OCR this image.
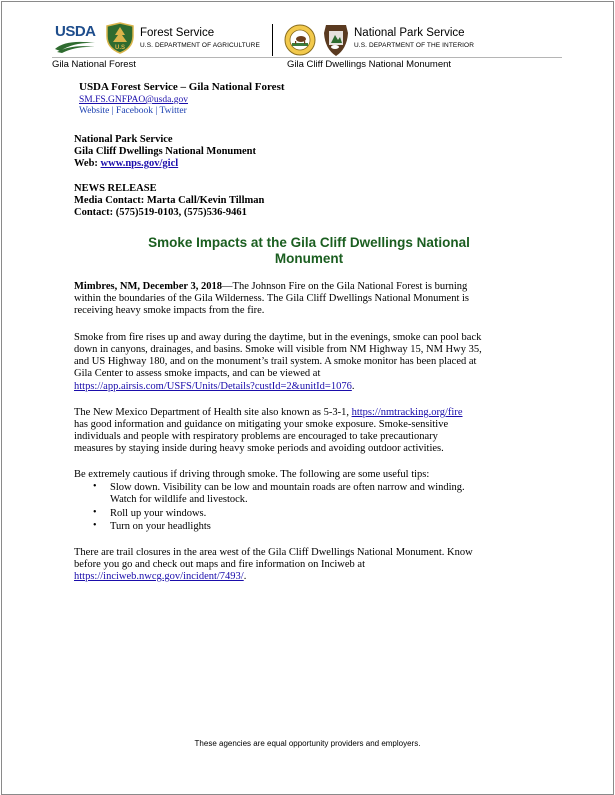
USDA
U.S
Forest Service
U.S. DEPARTMENT OF AGRICULTURE
National Park Service
U.S. DEPARTMENT OF THE INTERIOR
Gila National Forest	Gila Cliff Dwellings National Monument
USDA Forest Service – Gila National Forest
SM.FS.GNFPAO@usda.gov
Website | Facebook | Twitter
National Park Service
Gila Cliff Dwellings National Monument
Web: www.nps.gov/gicl
NEWS RELEASE
Media Contact: Marta Call/Kevin Tillman
Contact: (575)519-0103, (575)536-9461
Smoke Impacts at the Gila Cliff Dwellings National
Monument
Mimbres, NM, December 3, 2018—The Johnson Fire on the Gila National Forest is burning
within the boundaries of the Gila Wilderness. The Gila Cliff Dwellings National Monument is
receiving heavy smoke impacts from the fire.
Smoke from fire rises up and away during the daytime, but in the evenings, smoke can pool back
down in canyons, drainages, and basins. Smoke will visible from NM Highway 15, NM Hwy 35,
and US Highway 180, and on the monument’s trail system. A smoke monitor has been placed at
Gila Center to assess smoke impacts, and can be viewed at
https://app.airsis.com/USFS/Units/Details?custId=2&unitId=1076.
The New Mexico Department of Health site also known as 5-3-1, https://nmtracking.org/fire
has good information and guidance on mitigating your smoke exposure. Smoke-sensitive
individuals and people with respiratory problems are encouraged to take precautionary
measures by staying inside during heavy smoke periods and avoiding outdoor activities.
Be extremely cautious if driving through smoke. The following are some useful tips:
• Slow down. Visibility can be low and mountain roads are often narrow and winding.
Watch for wildlife and livestock.
• Roll up your windows.
• Turn on your headlights
There are trail closures in the area west of the Gila Cliff Dwellings National Monument. Know
before you go and check out maps and fire information on Inciweb at
https://inciweb.nwcg.gov/incident/7493/.
These agencies are equal opportunity providers and employers.
